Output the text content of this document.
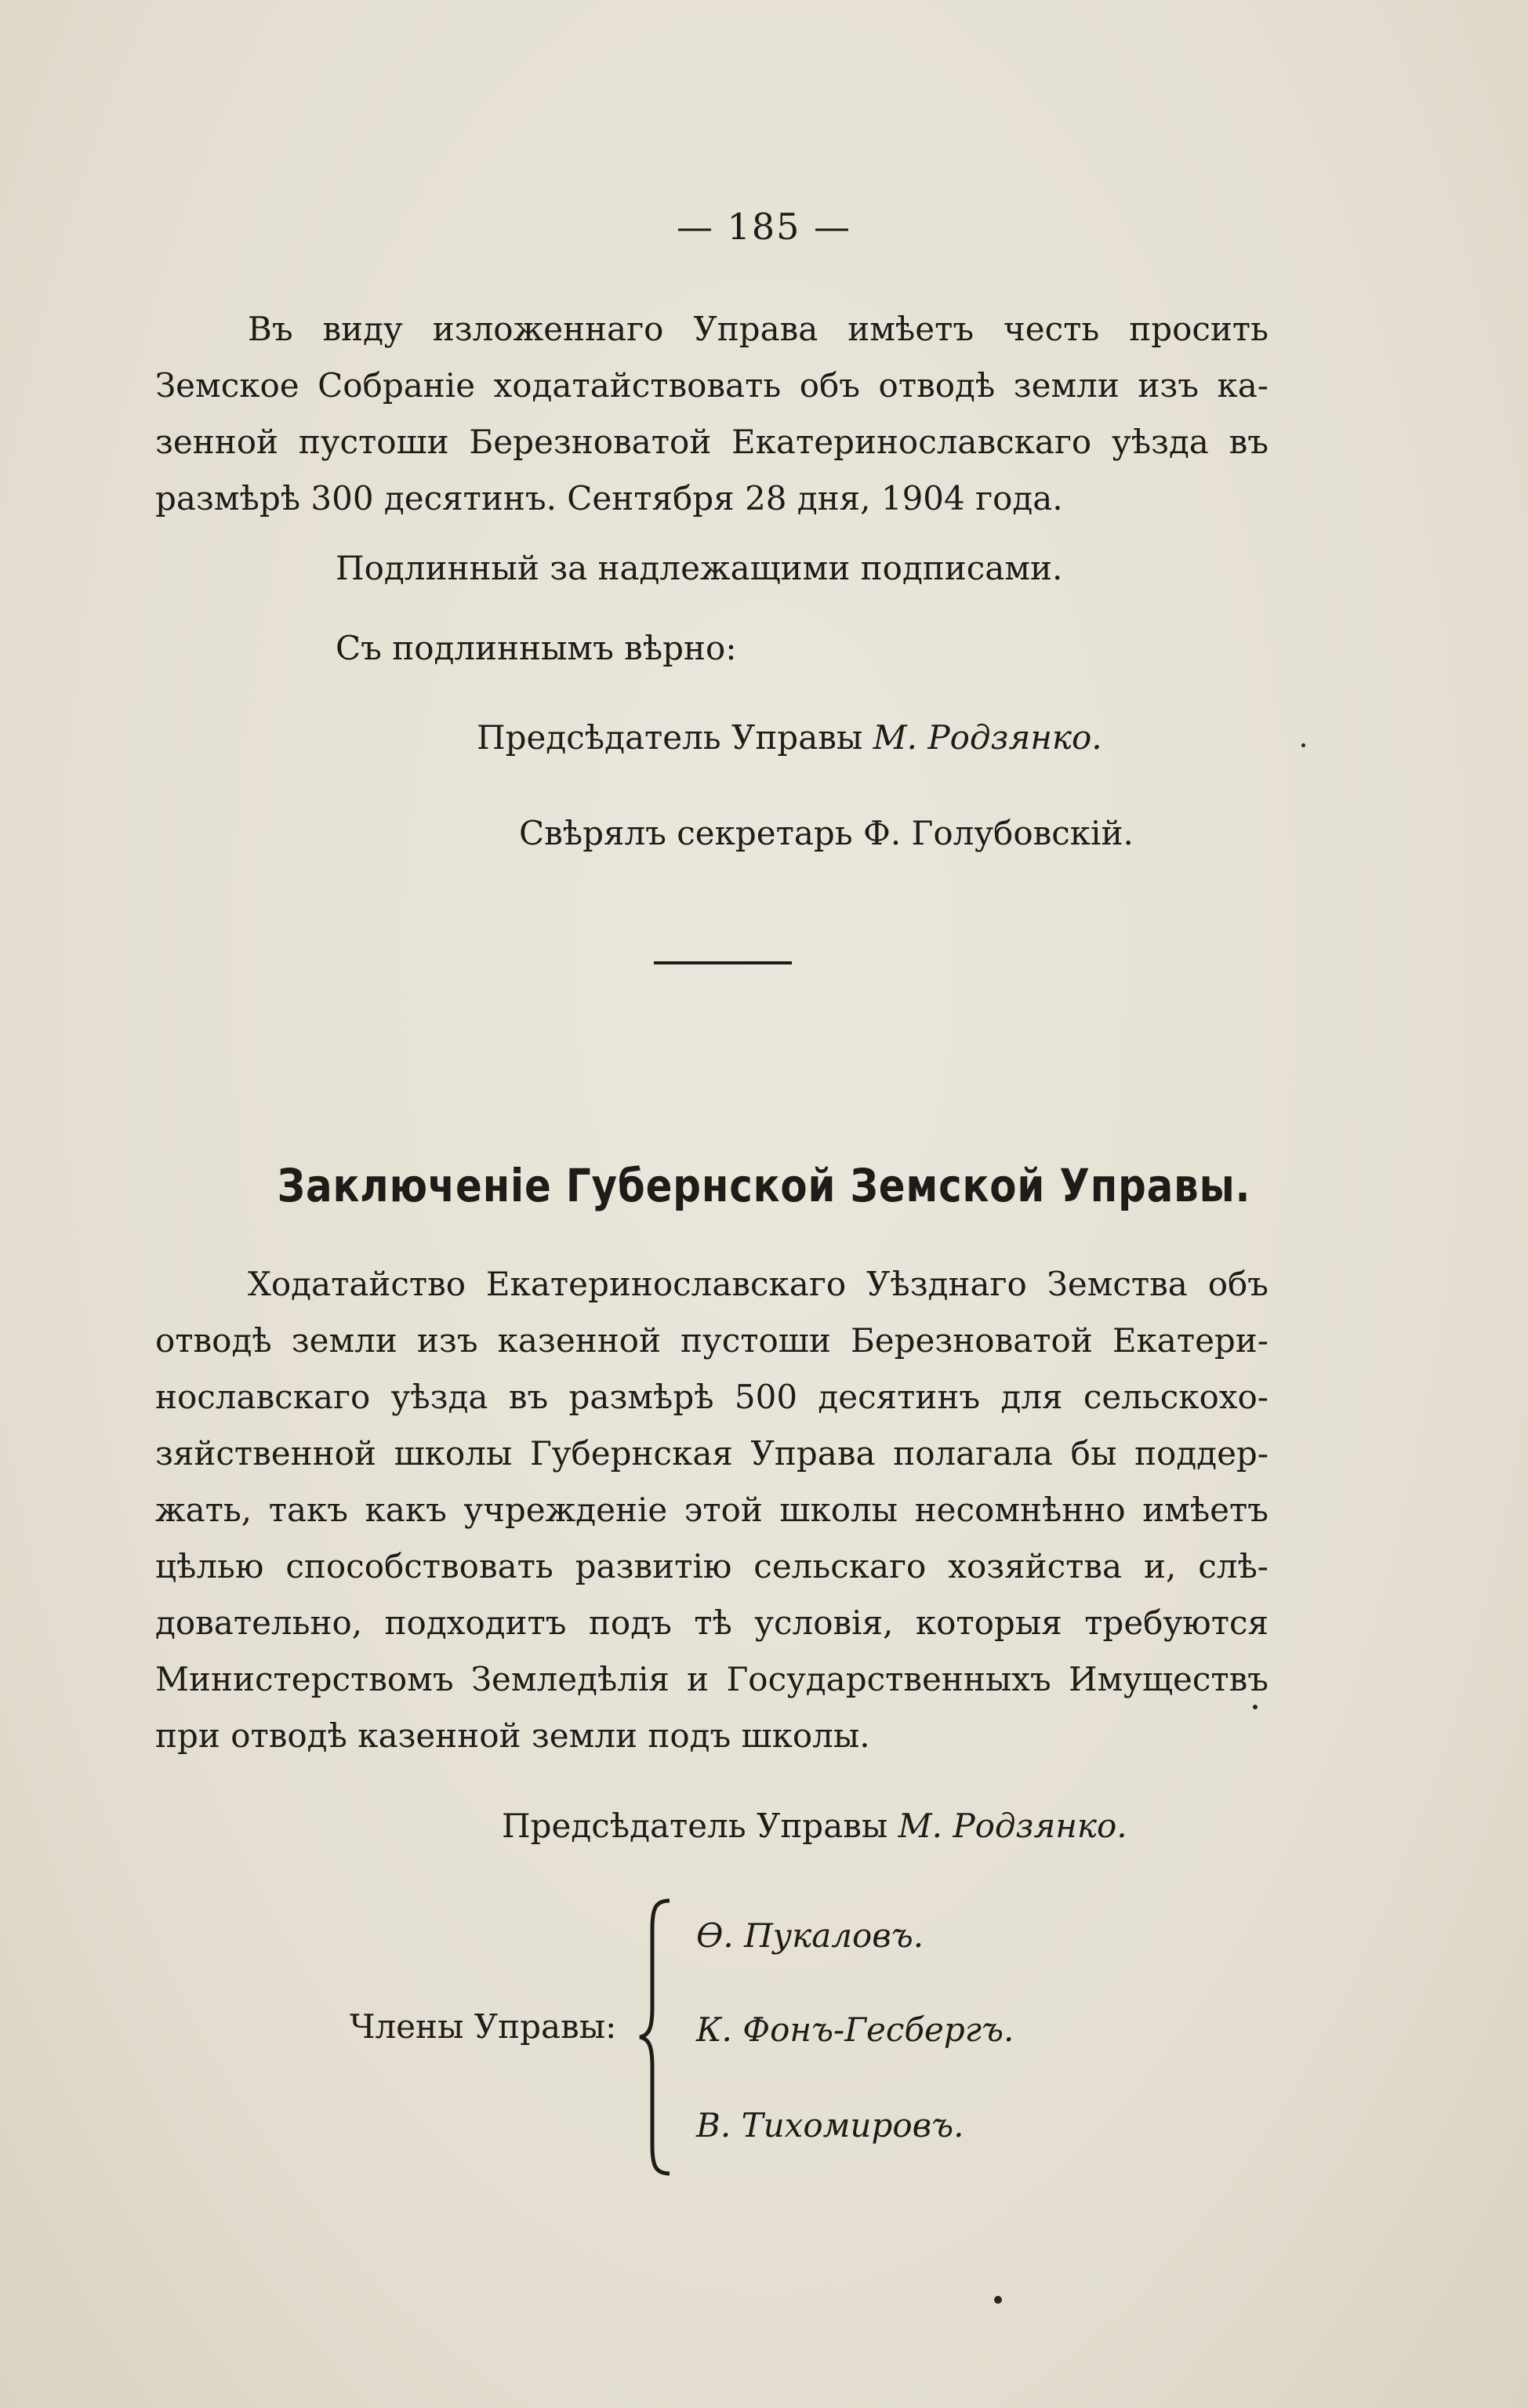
— 185 —
Въ виду изложеннаго Управа имѣетъ честь просить
Земское Собраніе ходатайствовать объ отводѣ земли изъ ка-
зенной пустоши Березноватой Екатеринославскаго уѣзда въ
размѣрѣ 300 десятинъ. Сентября 28 дня, 1904 года.
Подлинный за надлежащими подписами.
Съ подлиннымъ вѣрно:
Предсѣдатель Управы М. Родзянко.
Свѣрялъ секретарь Ф. Голубовскій.
Заключеніе Губернской Земской Управы.
Ходатайство Екатеринославскаго Уѣзднаго Земства объ
отводѣ земли изъ казенной пустоши Березноватой Екатери-
нославскаго уѣзда въ размѣрѣ 500 десятинъ для сельскохо-
зяйственной школы Губернская Управа полагала бы поддер-
жать, такъ какъ учрежденіе этой школы несомнѣнно имѣетъ
цѣлью способствовать развитію сельскаго хозяйства и, слѣ-
довательно, подходитъ подъ тѣ условія, которыя требуются
Министерствомъ Земледѣлія и Государственныхъ Имуществъ
при отводѣ казенной земли подъ школы.
Предсѣдатель Управы М. Родзянко.
Члены Управы:
Ѳ. Пукаловъ.
К. Фонъ-Гесбергъ.
В. Тихомировъ.
